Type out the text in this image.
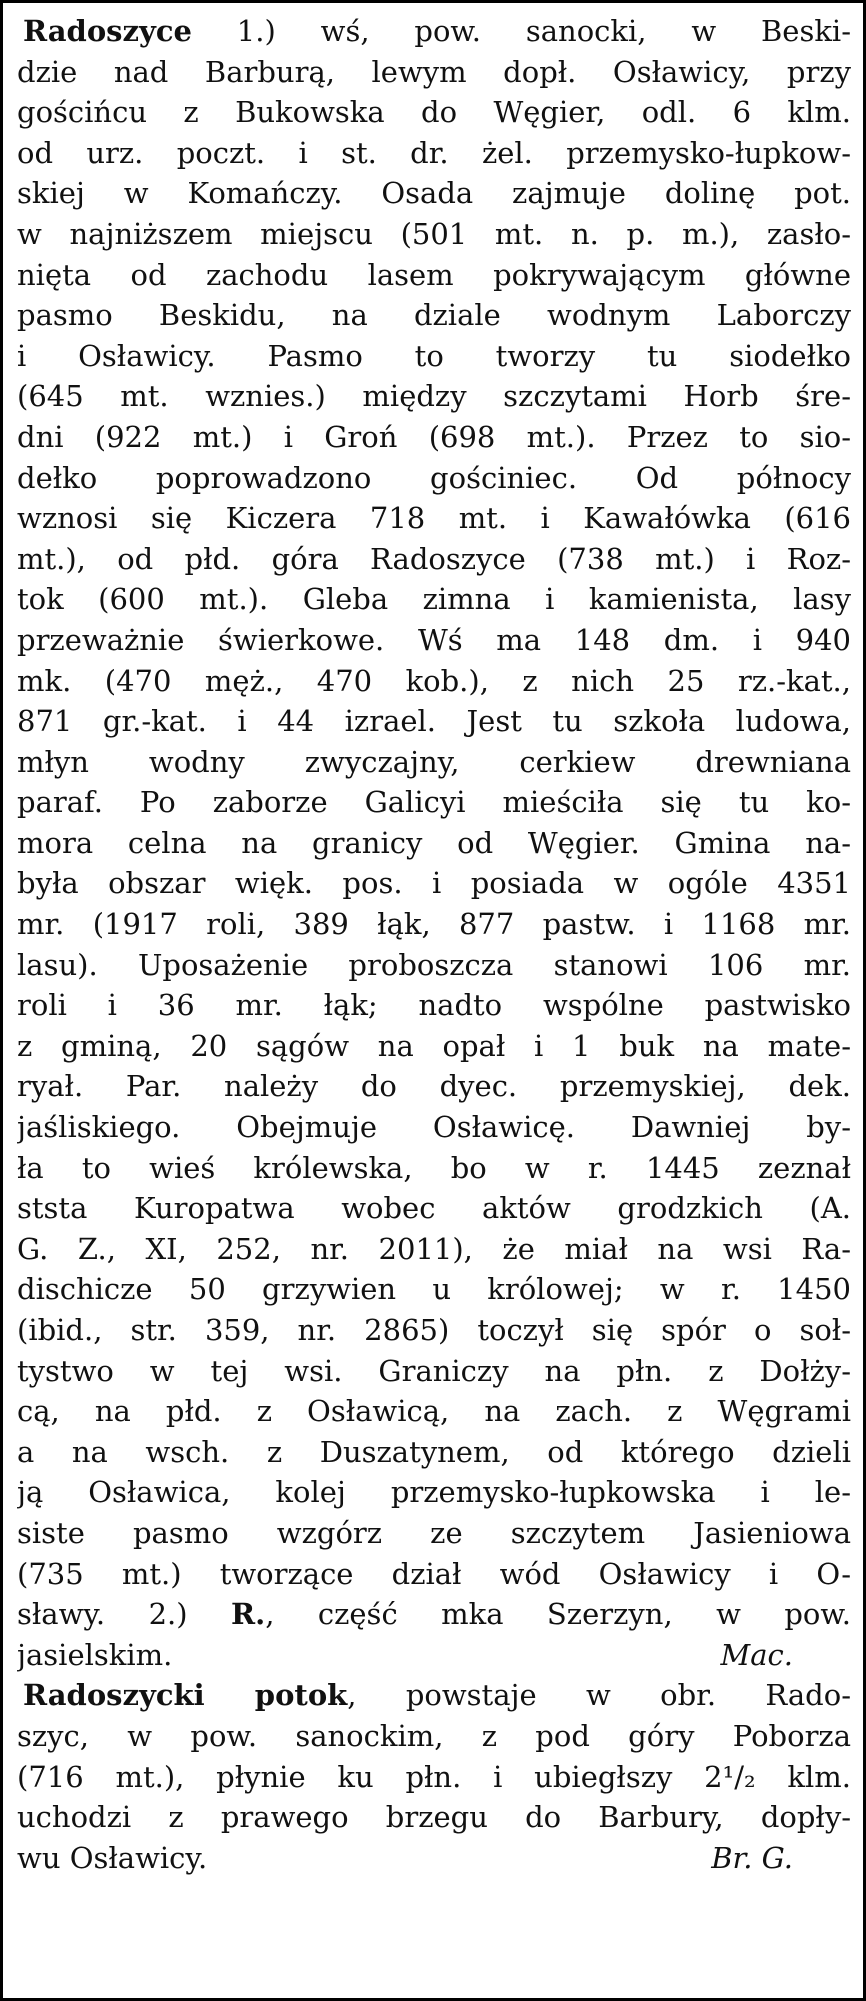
Radoszyce 1.) wś, pow. sanocki, w Beski-
dzie nad Barburą, lewym dopł. Osławicy, przy
gościńcu z Bukowska do Węgier, odl. 6 klm.
od urz. poczt. i st. dr. żel. przemysko-łupkow-
skiej w Komańczy. Osada zajmuje dolinę pot.
w najniższem miejscu (501 mt. n. p. m.), zasło-
nięta od zachodu lasem pokrywającym główne
pasmo Beskidu, na dziale wodnym Laborczy
i Osławicy. Pasmo to tworzy tu siodełko
(645 mt. wznies.) między szczytami Horb śre-
dni (922 mt.) i Groń (698 mt.). Przez to sio-
dełko poprowadzono gościniec. Od północy
wznosi się Kiczera 718 mt. i Kawałówka (616
mt.), od płd. góra Radoszyce (738 mt.) i Roz-
tok (600 mt.). Gleba zimna i kamienista, lasy
przeważnie świerkowe. Wś ma 148 dm. i 940
mk. (470 męż., 470 kob.), z nich 25 rz.-kat.,
871 gr.-kat. i 44 izrael. Jest tu szkoła ludowa,
młyn wodny zwyczajny, cerkiew drewniana
paraf. Po zaborze Galicyi mieściła się tu ko-
mora celna na granicy od Węgier. Gmina na-
była obszar więk. pos. i posiada w ogóle 4351
mr. (1917 roli, 389 łąk, 877 pastw. i 1168 mr.
lasu). Uposażenie proboszcza stanowi 106 mr.
roli i 36 mr. łąk; nadto wspólne pastwisko
z gminą, 20 sągów na opał i 1 buk na mate-
ryał. Par. należy do dyec. przemyskiej, dek.
jaśliskiego. Obejmuje Osławicę. Dawniej by-
ła to wieś królewska, bo w r. 1445 zeznał
ststa Kuropatwa wobec aktów grodzkich (A.
G. Z., XI, 252, nr. 2011), że miał na wsi Ra-
dischicze 50 grzywien u królowej; w r. 1450
(ibid., str. 359, nr. 2865) toczył się spór o soł-
tystwo w tej wsi. Graniczy na płn. z Dołży-
cą, na płd. z Osławicą, na zach. z Węgrami
a na wsch. z Duszatynem, od którego dzieli
ją Osławica, kolej przemysko-łupkowska i le-
siste pasmo wzgórz ze szczytem Jasieniowa
(735 mt.) tworzące dział wód Osławicy i O-
sławy. 2.) R., część mka Szerzyn, w pow.
jasielskim.	Mac.
Radoszycki potok, powstaje w obr. Rado-
szyc, w pow. sanockim, z pod góry Poborza
(716 mt.), płynie ku płn. i ubiegłszy 2¹/₂ klm.
uchodzi z prawego brzegu do Barbury, dopły-
wu Osławicy.	Br. G.
